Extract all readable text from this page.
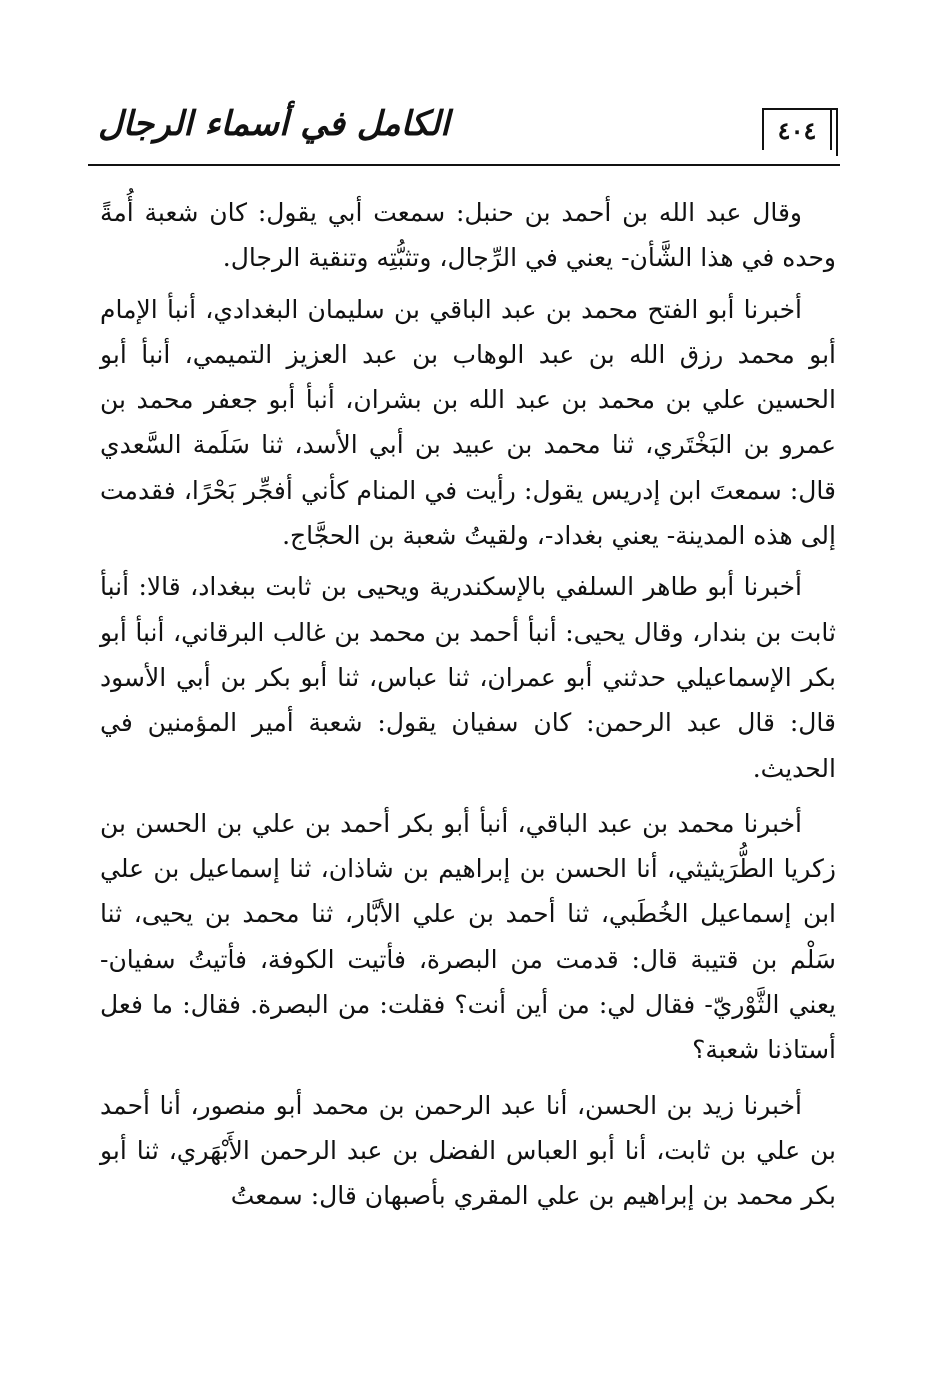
٤٠٤
الكامل في أسماء الرجال

وقال عبد الله بن أحمد بن حنبل: سمعت أبي يقول: كان شعبة أُمةً وحده في هذا الشَّأن- يعني في الرِّجال، وتثبُّتِه وتنقية الرجال.

أخبرنا أبو الفتح محمد بن عبد الباقي بن سليمان البغدادي، أنبأ الإمام أبو محمد رزق الله بن عبد الوهاب بن عبد العزيز التميمي، أنبأ أبو الحسين علي بن محمد بن عبد الله بن بشران، أنبأ أبو جعفر محمد بن عمرو بن البَخْتَري، ثنا محمد بن عبيد بن أبي الأسد، ثنا سَلَمة السَّعدي قال: سمعتَ ابن إدريس يقول: رأيت في المنام كأني أفجِّر بَحْرًا، فقدمت إلى هذه المدينة- يعني بغداد-، ولقيتُ شعبة بن الحجَّاج.

أخبرنا أبو طاهر السلفي بالإسكندرية ويحيى بن ثابت ببغداد، قالا: أنبأ ثابت بن بندار، وقال يحيى: أنبأ أحمد بن محمد بن غالب البرقاني، أنبأ أبو بكر الإسماعيلي حدثني أبو عمران، ثنا عباس، ثنا أبو بكر بن أبي الأسود قال: قال عبد الرحمن: كان سفيان يقول: شعبة أمير المؤمنين في الحديث.

أخبرنا محمد بن عبد الباقي، أنبأ أبو بكر أحمد بن علي بن الحسن بن زكريا الطُّرَيثيثي، أنا الحسن بن إبراهيم بن شاذان، ثنا إسماعيل بن علي ابن إسماعيل الخُطَبي، ثنا أحمد بن علي الأبَّار، ثنا محمد بن يحيى، ثنا سَلْم بن قتيبة قال: قدمت من البصرة، فأتيت الكوفة، فأتيتُ سفيان- يعني الثَّوْريّ- فقال لي: من أين أنت؟ فقلت: من البصرة. فقال: ما فعل أستاذنا شعبة؟

أخبرنا زيد بن الحسن، أنا عبد الرحمن بن محمد أبو منصور، أنا أحمد بن علي بن ثابت، أنا أبو العباس الفضل بن عبد الرحمن الأَبْهَري، ثنا أبو بكر محمد بن إبراهيم بن علي المقري بأصبهان قال: سمعتُ
